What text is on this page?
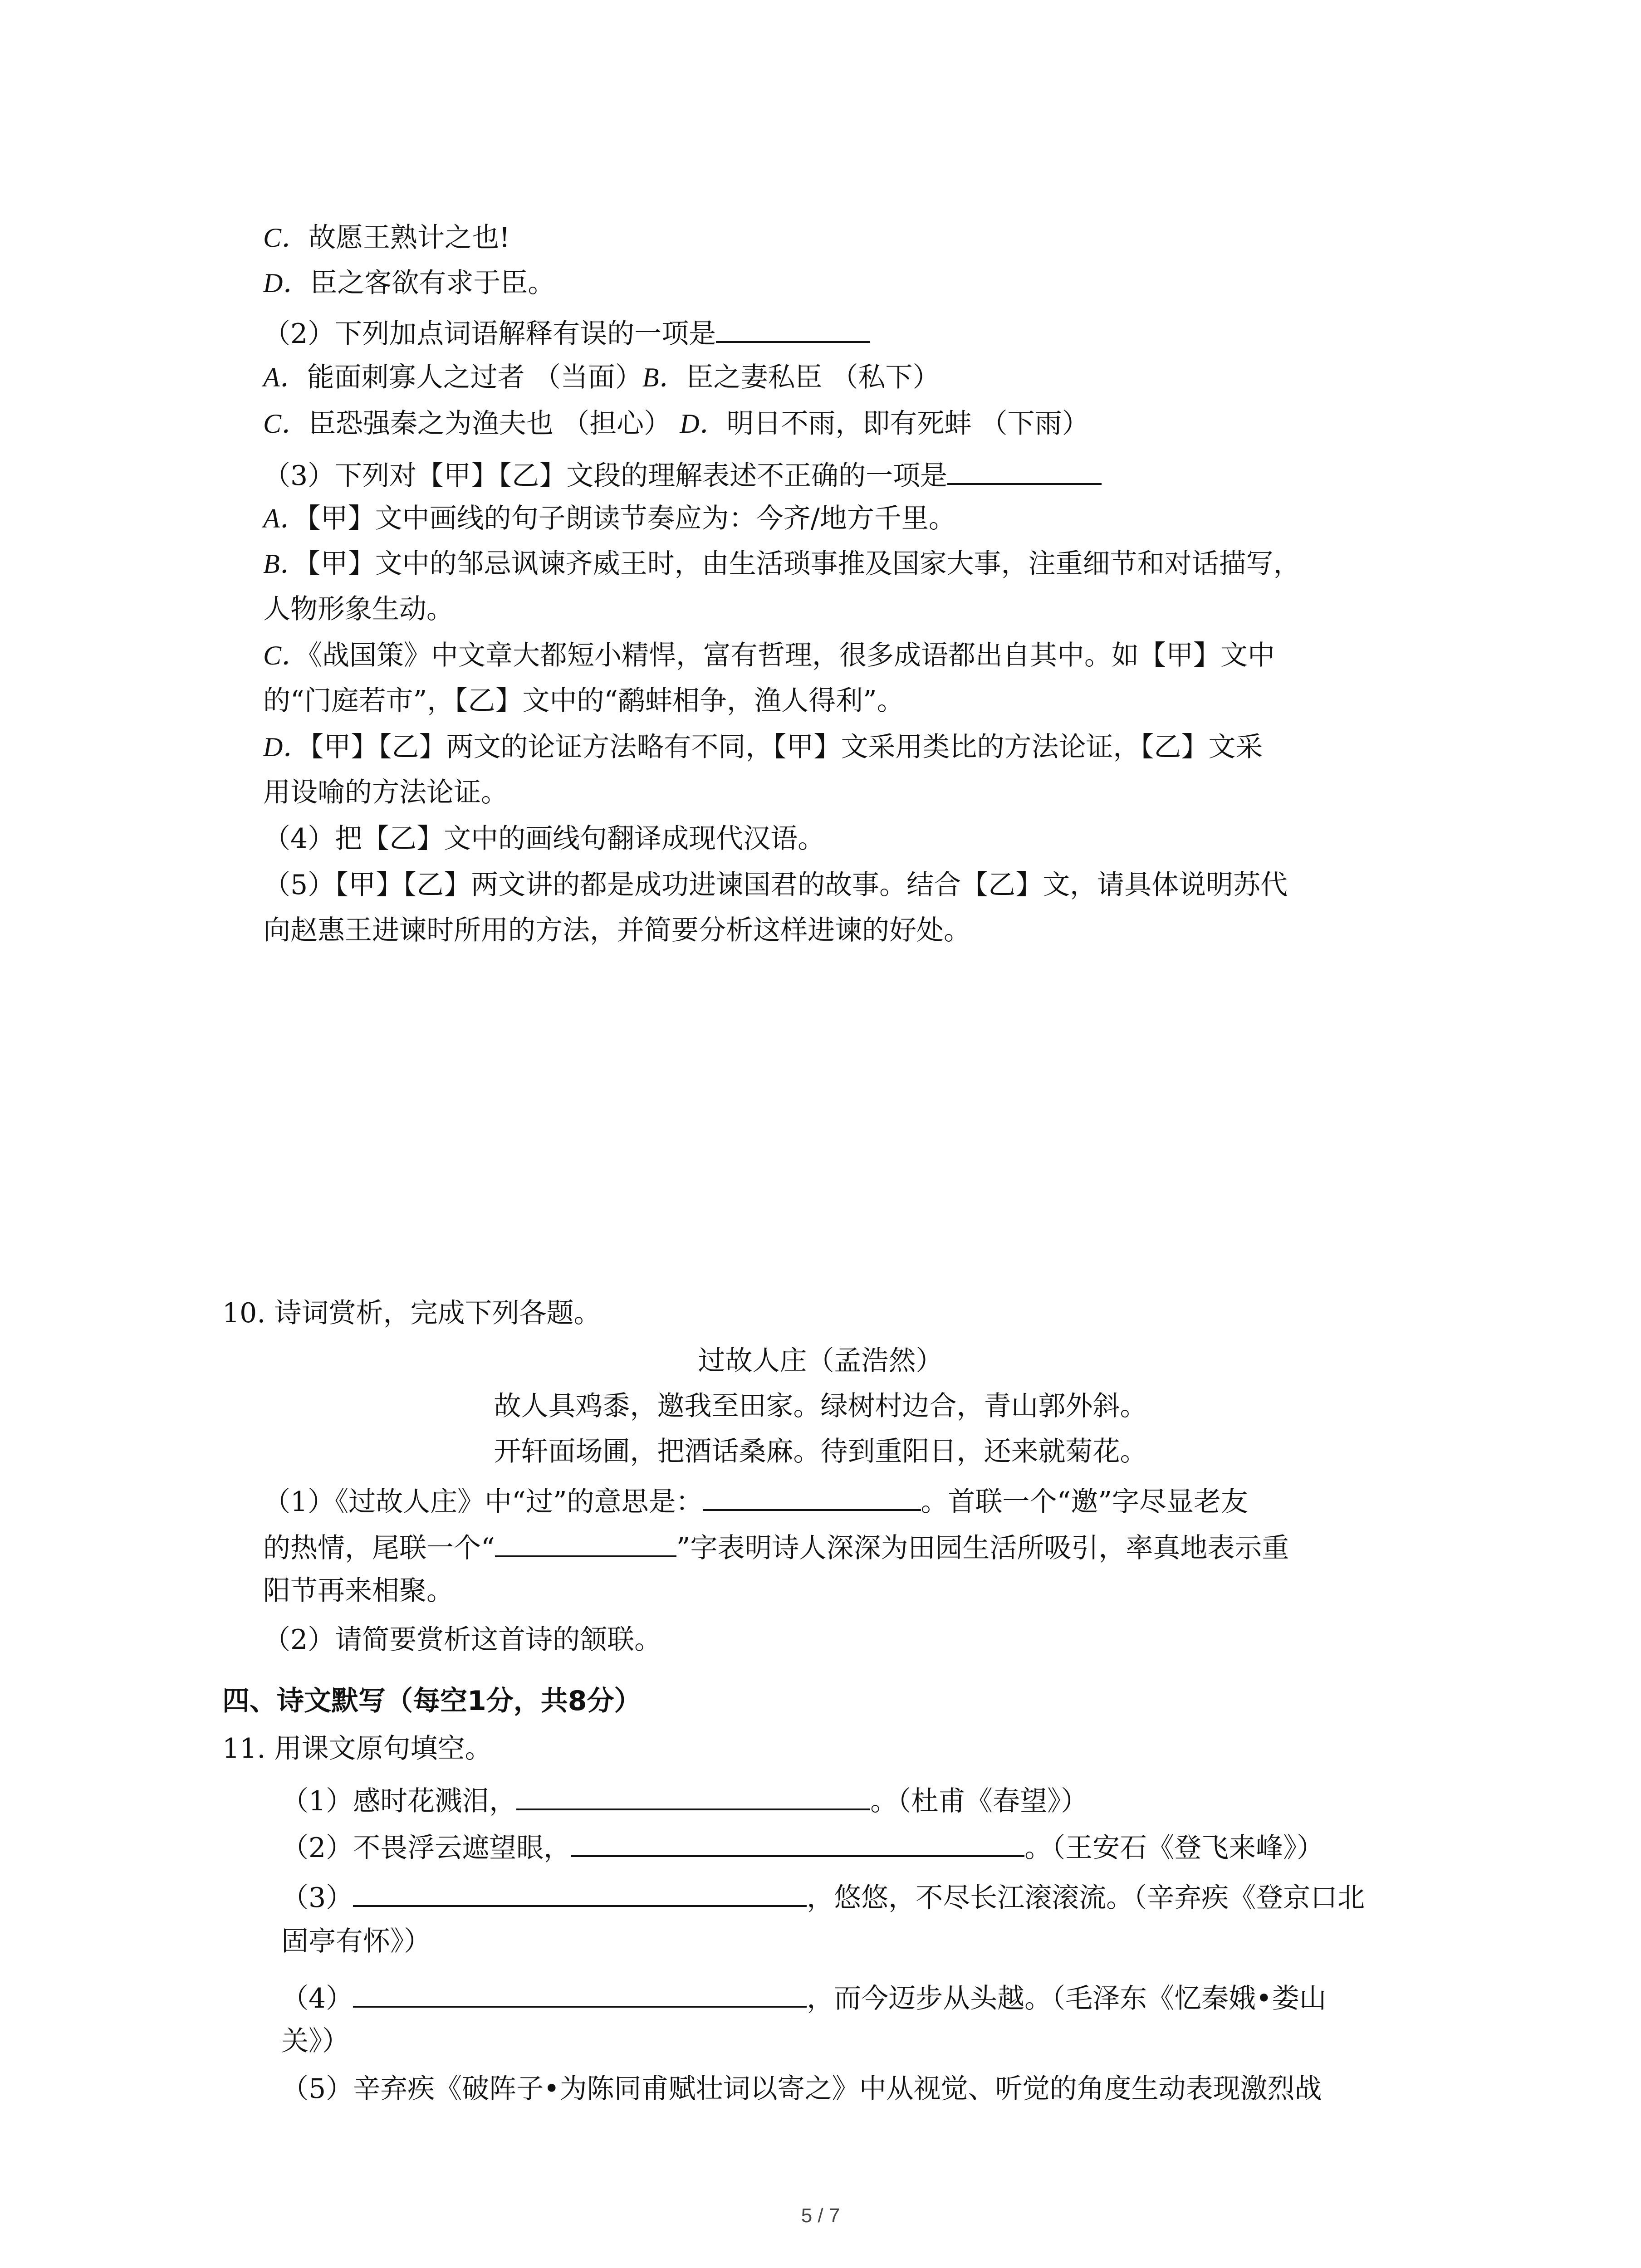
C．故愿王熟计之也!
D．臣之客欲有求于臣。
（2）下列加点词语解释有误的一项是
A．能面刺寡人之过者 （当面）B．臣之妻私臣 （私下）
C．臣恐强秦之为渔夫也 （担心） D．明日不雨，即有死蚌 （下雨）
（3）下列对【甲】【乙】文段的理解表述不正确的一项是
A．【甲】文中画线的句子朗读节奏应为：今齐/地方千里。
B．【甲】文中的邹忌讽谏齐威王时，由生活琐事推及国家大事，注重细节和对话描写，
人物形象生动。
C．《战国策》中文章大都短小精悍，富有哲理，很多成语都出自其中。如【甲】文中
的“门庭若市”，【乙】文中的“鹬蚌相争，渔人得利”。
D．【甲】【乙】两文的论证方法略有不同，【甲】文采用类比的方法论证，【乙】文采
用设喻的方法论证。
（4）把【乙】文中的画线句翻译成现代汉语。
（5）【甲】【乙】两文讲的都是成功进谏国君的故事。结合【乙】文，请具体说明苏代
向赵惠王进谏时所用的方法，并简要分析这样进谏的好处。
10. 诗词赏析，完成下列各题。
过故人庄（孟浩然）
故人具鸡黍，邀我至田家。绿树村边合，青山郭外斜。
开轩面场圃，把酒话桑麻。待到重阳日，还来就菊花。
（1）《过故人庄》中“过”的意思是：	。首联一个“邀”字尽显老友
的热情，尾联一个“	”字表明诗人深深为田园生活所吸引，率真地表示重
阳节再来相聚。
（2）请简要赏析这首诗的颔联。
四、诗文默写（每空1分，共8分）
11. 用课文原句填空。
（1）感时花溅泪，	。（杜甫《春望》）
（2）不畏浮云遮望眼，	。（王安石《登飞来峰》）
（3）	，悠悠，不尽长江滚滚流。（辛弃疾《登京口北
固亭有怀》）
（4）	，而今迈步从头越。（毛泽东《忆秦娥•娄山
关》）
（5）辛弃疾《破阵子•为陈同甫赋壮词以寄之》中从视觉、听觉的角度生动表现激烈战
5 / 7
